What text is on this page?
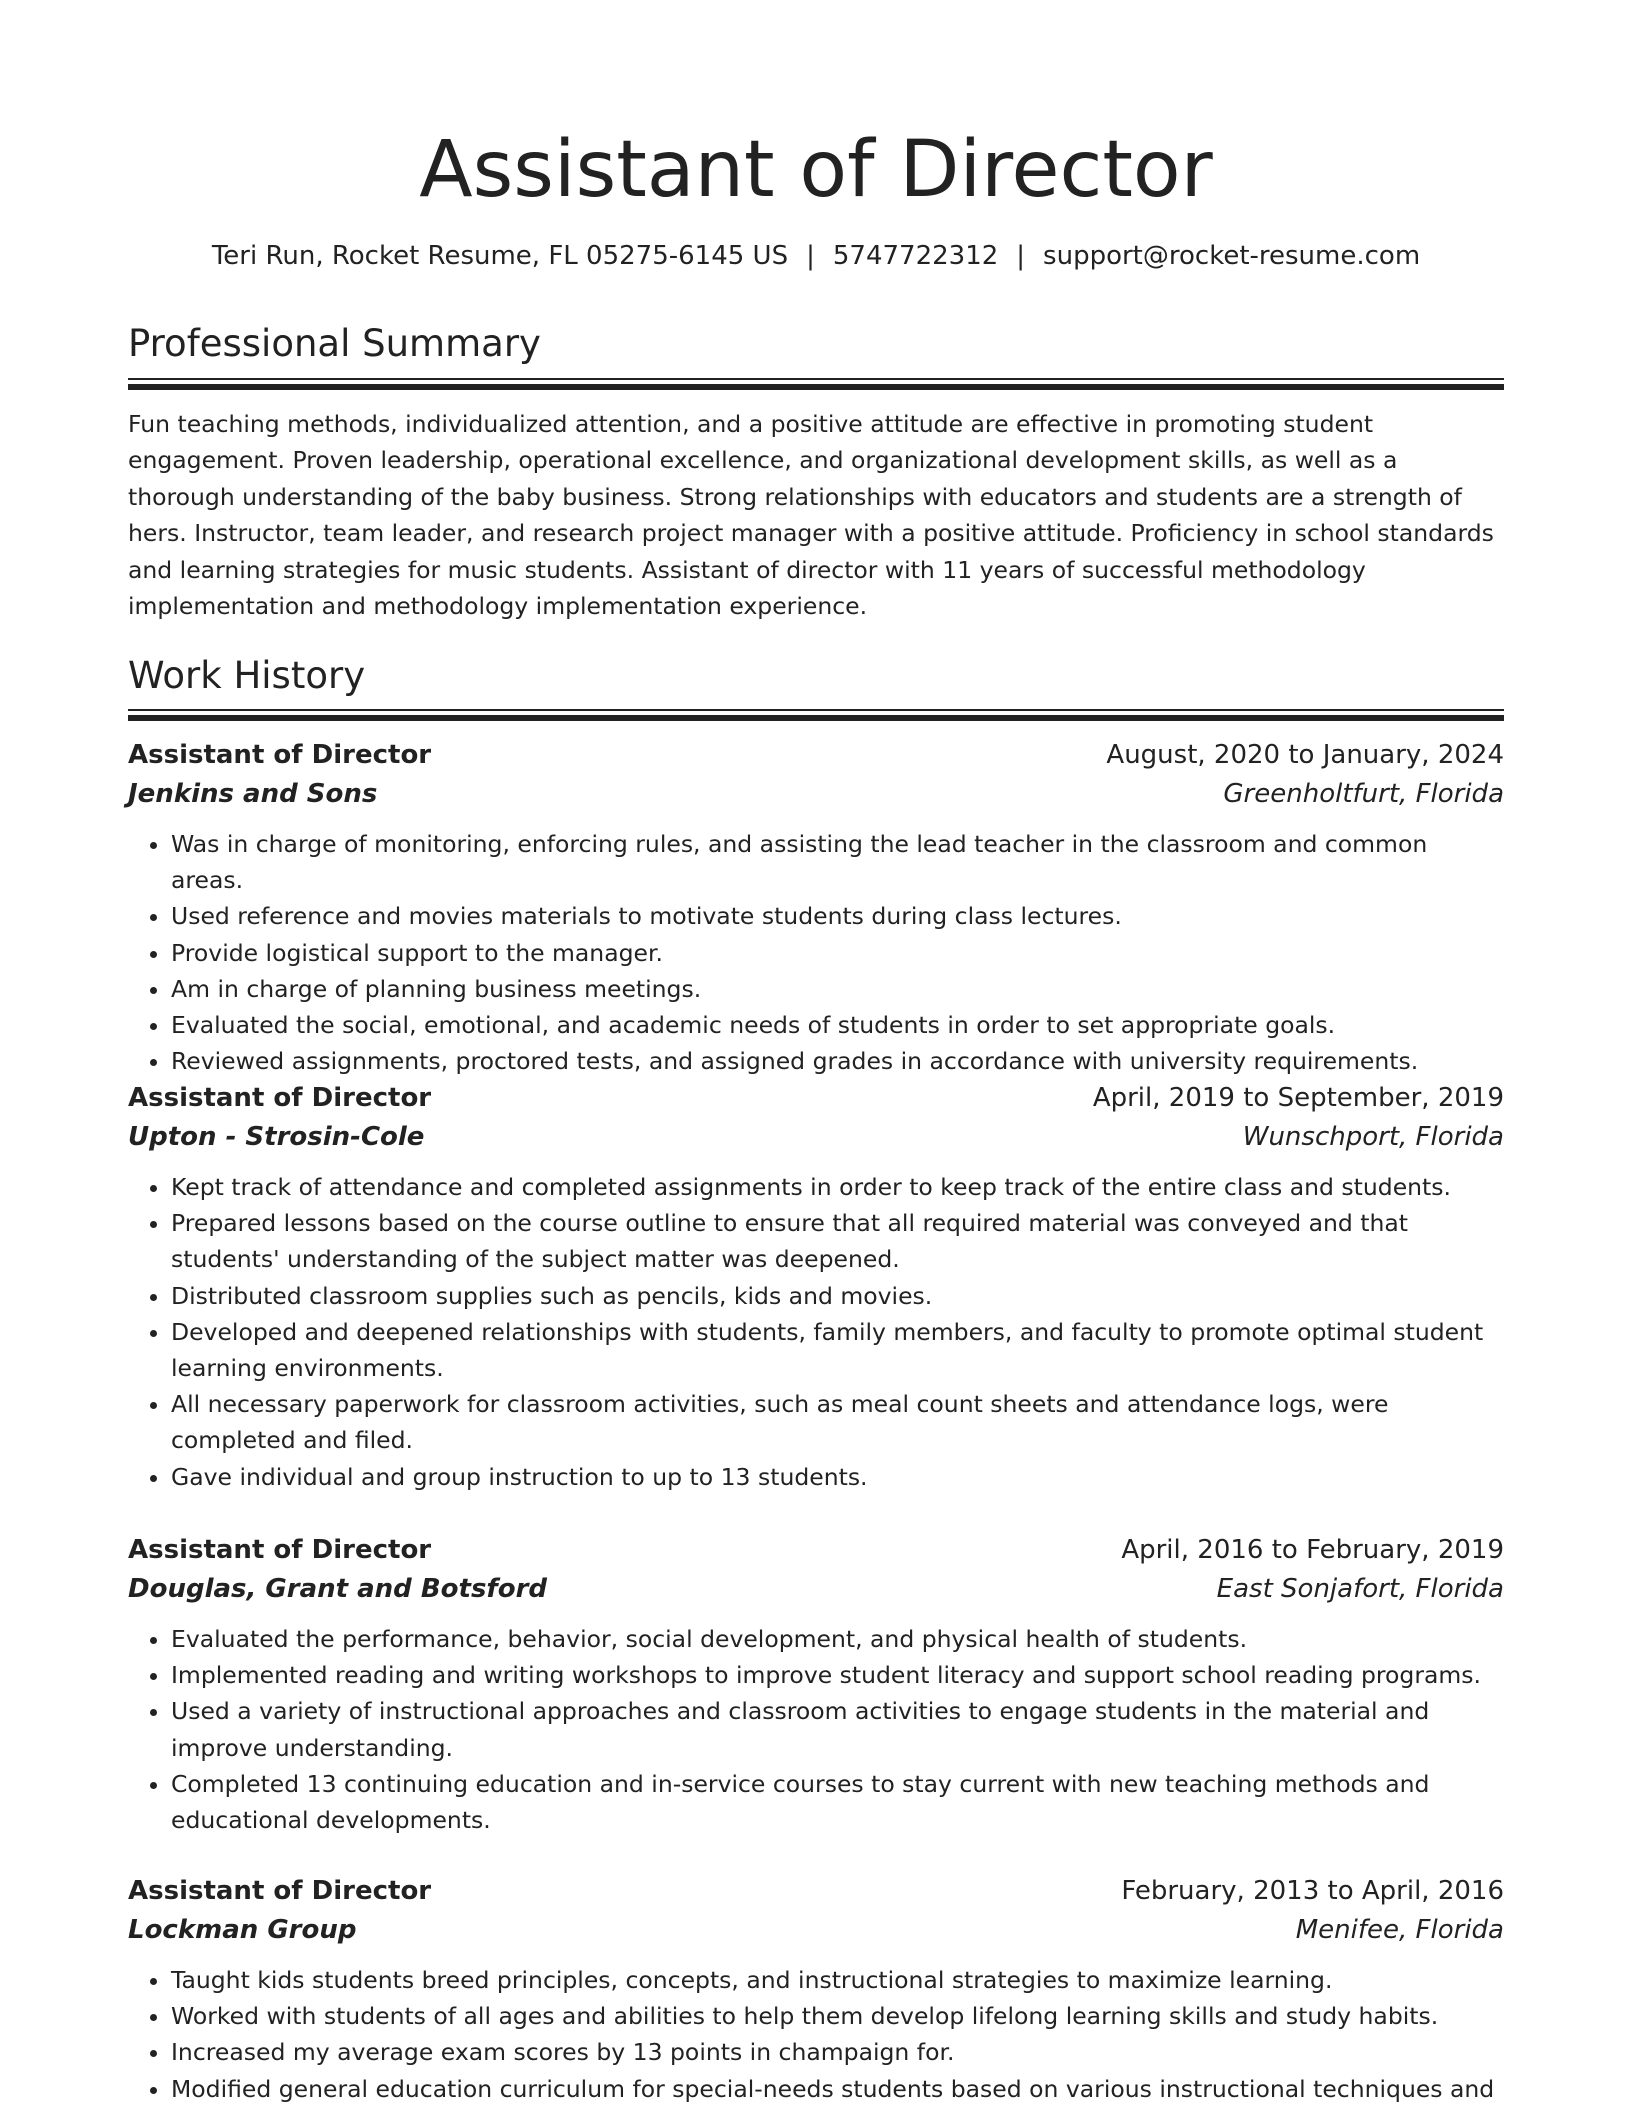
Assistant of Director
Teri Run, Rocket Resume, FL 05275-6145 US | 5747722312 | support@rocket-resume.com
Professional Summary

Fun teaching methods, individualized attention, and a positive attitude are effective in promoting student engagement. Proven leadership, operational excellence, and organizational development skills, as well as a thorough understanding of the baby business. Strong relationships with educators and students are a strength of hers. Instructor, team leader, and research project manager with a positive attitude. Proficiency in school standards and learning strategies for music students. Assistant of director with 11 years of successful methodology implementation and methodology implementation experience.

Work History
Assistant of Director	August, 2020 to January, 2024
Jenkins and Sons	Greenholtfurt, Florida
• Was in charge of monitoring, enforcing rules, and assisting the lead teacher in the classroom and common areas.
• Used reference and movies materials to motivate students during class lectures.
• Provide logistical support to the manager.
• Am in charge of planning business meetings.
• Evaluated the social, emotional, and academic needs of students in order to set appropriate goals.
• Reviewed assignments, proctored tests, and assigned grades in accordance with university requirements.
Assistant of Director	April, 2019 to September, 2019
Upton - Strosin-Cole	Wunschport, Florida
• Kept track of attendance and completed assignments in order to keep track of the entire class and students.
• Prepared lessons based on the course outline to ensure that all required material was conveyed and that students' understanding of the subject matter was deepened.
• Distributed classroom supplies such as pencils, kids and movies.
• Developed and deepened relationships with students, family members, and faculty to promote optimal student learning environments.
• All necessary paperwork for classroom activities, such as meal count sheets and attendance logs, were completed and filed.
• Gave individual and group instruction to up to 13 students.
Assistant of Director	April, 2016 to February, 2019
Douglas, Grant and Botsford	East Sonjafort, Florida
• Evaluated the performance, behavior, social development, and physical health of students.
• Implemented reading and writing workshops to improve student literacy and support school reading programs.
• Used a variety of instructional approaches and classroom activities to engage students in the material and improve understanding.
• Completed 13 continuing education and in-service courses to stay current with new teaching methods and educational developments.
Assistant of Director	February, 2013 to April, 2016
Lockman Group	Menifee, Florida
• Taught kids students breed principles, concepts, and instructional strategies to maximize learning.
• Worked with students of all ages and abilities to help them develop lifelong learning skills and study habits.
• Increased my average exam scores by 13 points in champaign for.
• Modified general education curriculum for special-needs students based on various instructional techniques and
